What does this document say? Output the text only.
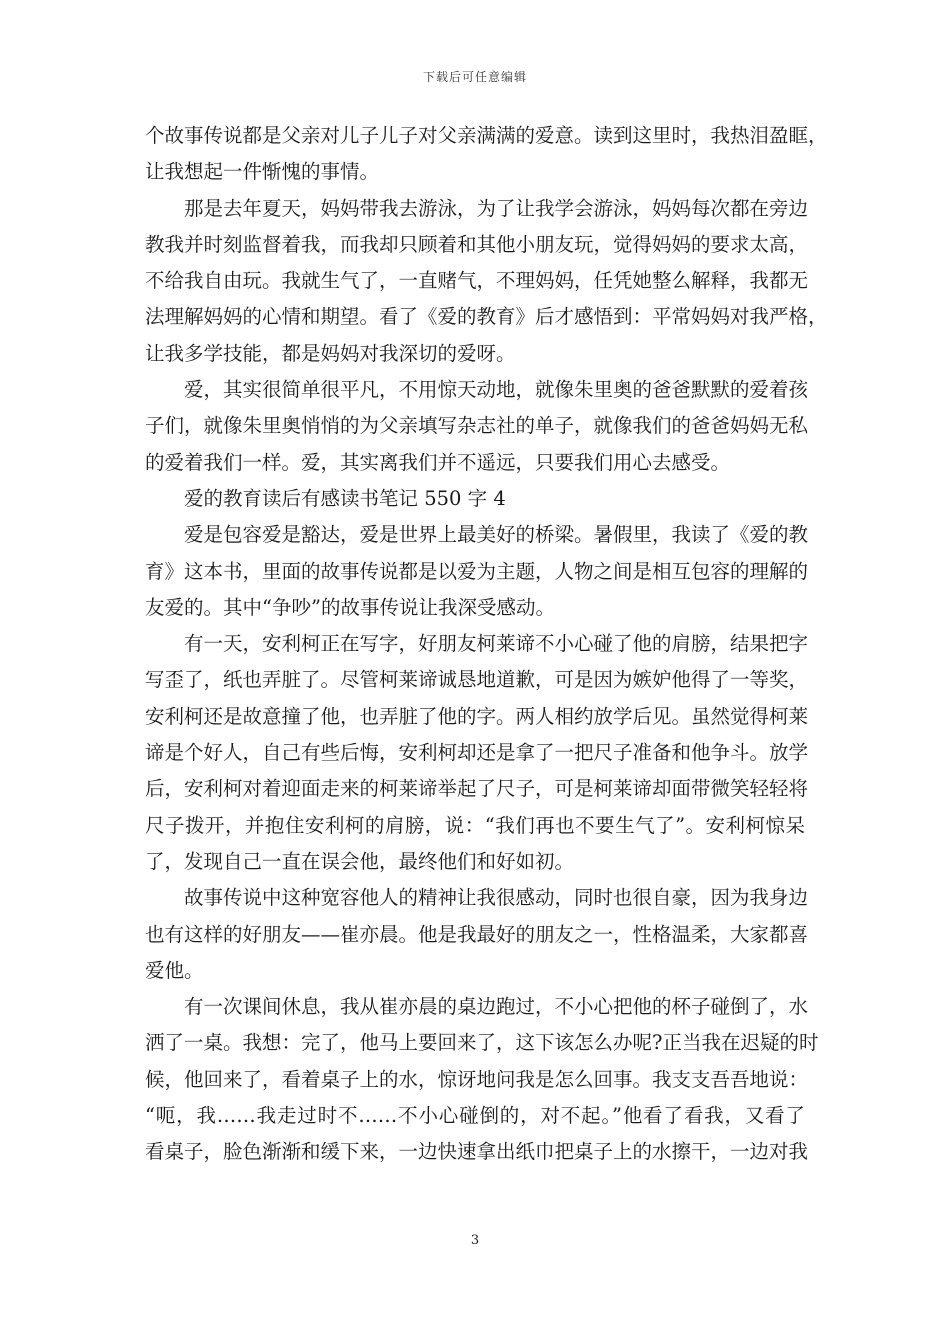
下载后可任意编辑
个故事传说都是父亲对儿子儿子对父亲满满的爱意。读到这里时，我热泪盈眶，
让我想起一件惭愧的事情。
那是去年夏天，妈妈带我去游泳，为了让我学会游泳，妈妈每次都在旁边
教我并时刻监督着我，而我却只顾着和其他小朋友玩，觉得妈妈的要求太高，
不给我自由玩。我就生气了，一直赌气，不理妈妈，任凭她整么解释，我都无
法理解妈妈的心情和期望。看了《爱的教育》后才感悟到：平常妈妈对我严格，
让我多学技能，都是妈妈对我深切的爱呀。
爱，其实很简单很平凡，不用惊天动地，就像朱里奥的爸爸默默的爱着孩
子们，就像朱里奥悄悄的为父亲填写杂志社的单子，就像我们的爸爸妈妈无私
的爱着我们一样。爱，其实离我们并不遥远，只要我们用心去感受。
爱的教育读后有感读书笔记 550 字 4
爱是包容爱是豁达，爱是世界上最美好的桥梁。暑假里，我读了《爱的教
育》这本书，里面的故事传说都是以爱为主题，人物之间是相互包容的理解的
友爱的。其中“争吵”的故事传说让我深受感动。
有一天，安利柯正在写字，好朋友柯莱谛不小心碰了他的肩膀，结果把字
写歪了，纸也弄脏了。尽管柯莱谛诚恳地道歉，可是因为嫉妒他得了一等奖，
安利柯还是故意撞了他，也弄脏了他的字。两人相约放学后见。虽然觉得柯莱
谛是个好人，自己有些后悔，安利柯却还是拿了一把尺子准备和他争斗。放学
后，安利柯对着迎面走来的柯莱谛举起了尺子，可是柯莱谛却面带微笑轻轻将
尺子拨开，并抱住安利柯的肩膀，说：“我们再也不要生气了”。安利柯惊呆
了，发现自己一直在误会他，最终他们和好如初。
故事传说中这种宽容他人的精神让我很感动，同时也很自豪，因为我身边
也有这样的好朋友——崔亦晨。他是我最好的朋友之一，性格温柔，大家都喜
爱他。
有一次课间休息，我从崔亦晨的桌边跑过，不小心把他的杯子碰倒了，水
洒了一桌。我想：完了，他马上要回来了，这下该怎么办呢?正当我在迟疑的时
候，他回来了，看着桌子上的水，惊讶地问我是怎么回事。我支支吾吾地说：
“呃，我……我走过时不……不小心碰倒的，对不起。”他看了看我，又看了
看桌子，脸色渐渐和缓下来，一边快速拿出纸巾把桌子上的水擦干，一边对我
3
